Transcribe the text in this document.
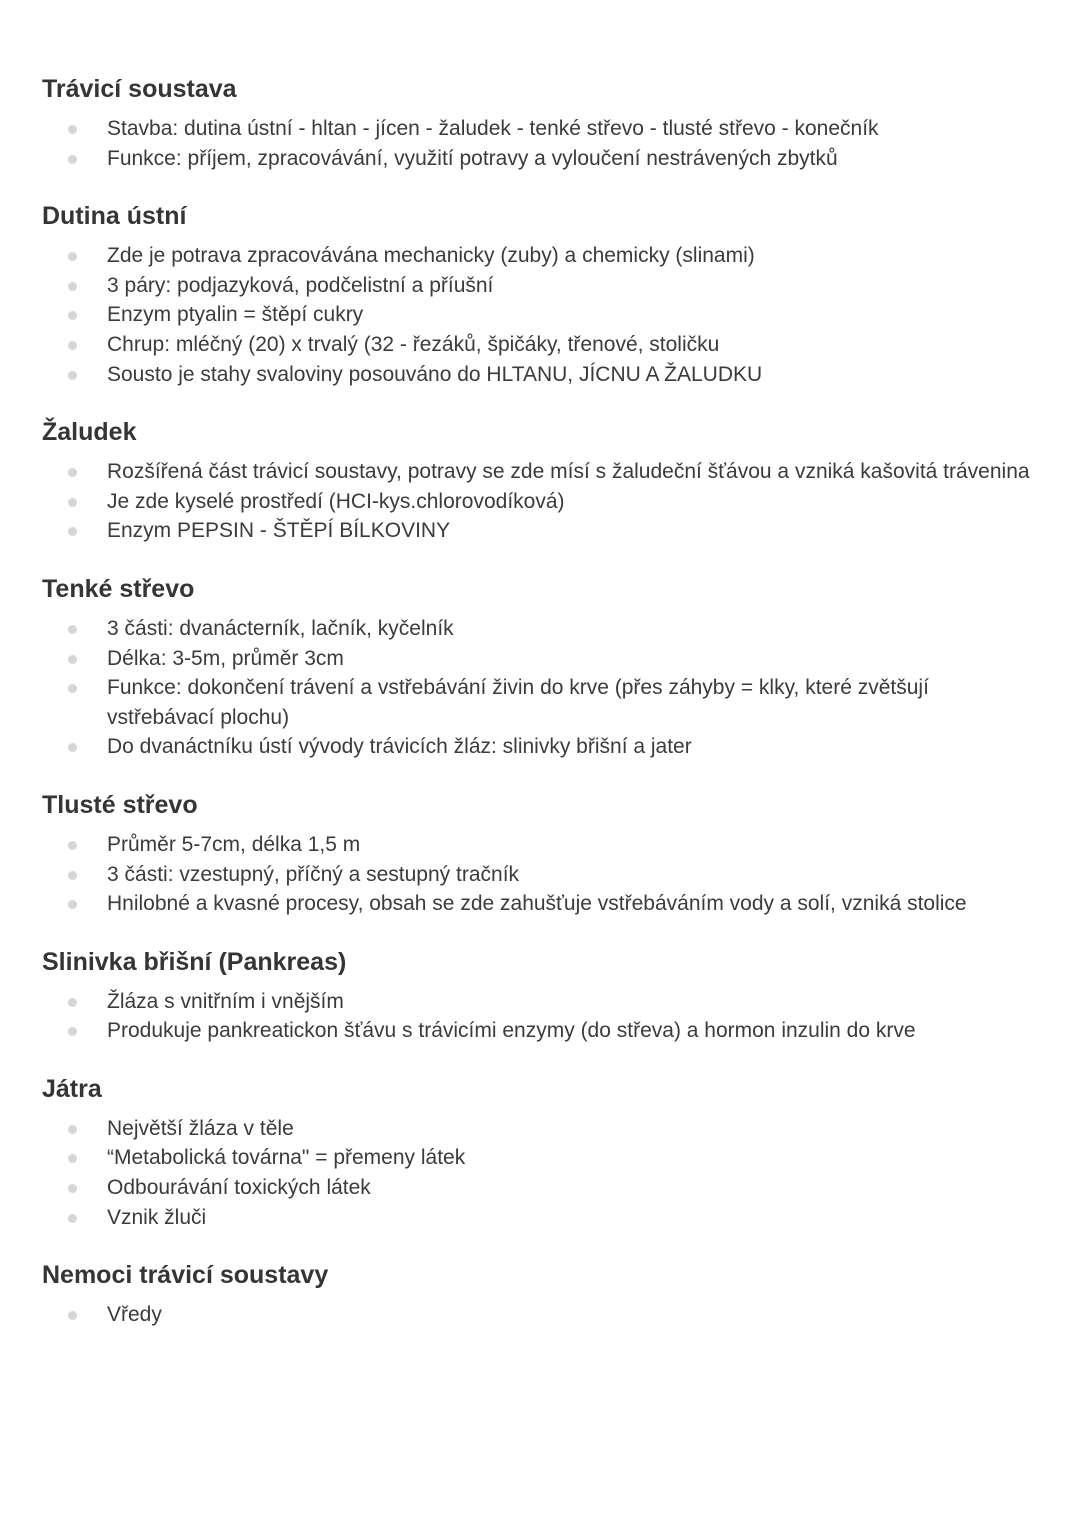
Trávicí soustava
Stavba: dutina ústní - hltan - jícen - žaludek - tenké střevo - tlusté střevo - konečník
Funkce: příjem, zpracovávání, využití potravy a vyloučení nestrávených zbytků
Dutina ústní
Zde je potrava zpracovávána mechanicky (zuby) a chemicky (slinami)
3 páry: podjazyková, podčelistní a příušní
Enzym ptyalin = štěpí cukry
Chrup: mléčný (20) x trvalý (32 - řezáků, špičáky, třenové, stoličku
Sousto je stahy svaloviny posouváno do HLTANU, JÍCNU A ŽALUDKU
Žaludek
Rozšířená část trávicí soustavy, potravy se zde mísí s žaludeční šťávou a vzniká kašovitá trávenina
Je zde kyselé prostředí (HCI-kys.chlorovodíková)
Enzym PEPSIN - ŠTĚPÍ BÍLKOVINY
Tenké střevo
3 části: dvanácterník, lačník, kyčelník
Délka: 3-5m, průměr 3cm
Funkce: dokončení trávení a vstřebávání živin do krve (přes záhyby = klky, které zvětšují vstřebávací plochu)
Do dvanáctníku ústí vývody trávicích žláz: slinivky břišní a jater
Tlusté střevo
Průměr 5-7cm, délka 1,5 m
3 části: vzestupný, příčný a sestupný tračník
Hnilobné a kvasné procesy, obsah se zde zahušťuje vstřebáváním vody a solí, vzniká stolice
Slinivka břišní (Pankreas)
Žláza s vnitřním i vnějším
Produkuje pankreatickon šťávu s trávicími enzymy (do střeva) a hormon inzulin do krve
Játra
Největší žláza v těle
“Metabolická továrna" = přemeny látek
Odbourávání toxických látek
Vznik žluči
Nemoci trávicí soustavy
Vředy
